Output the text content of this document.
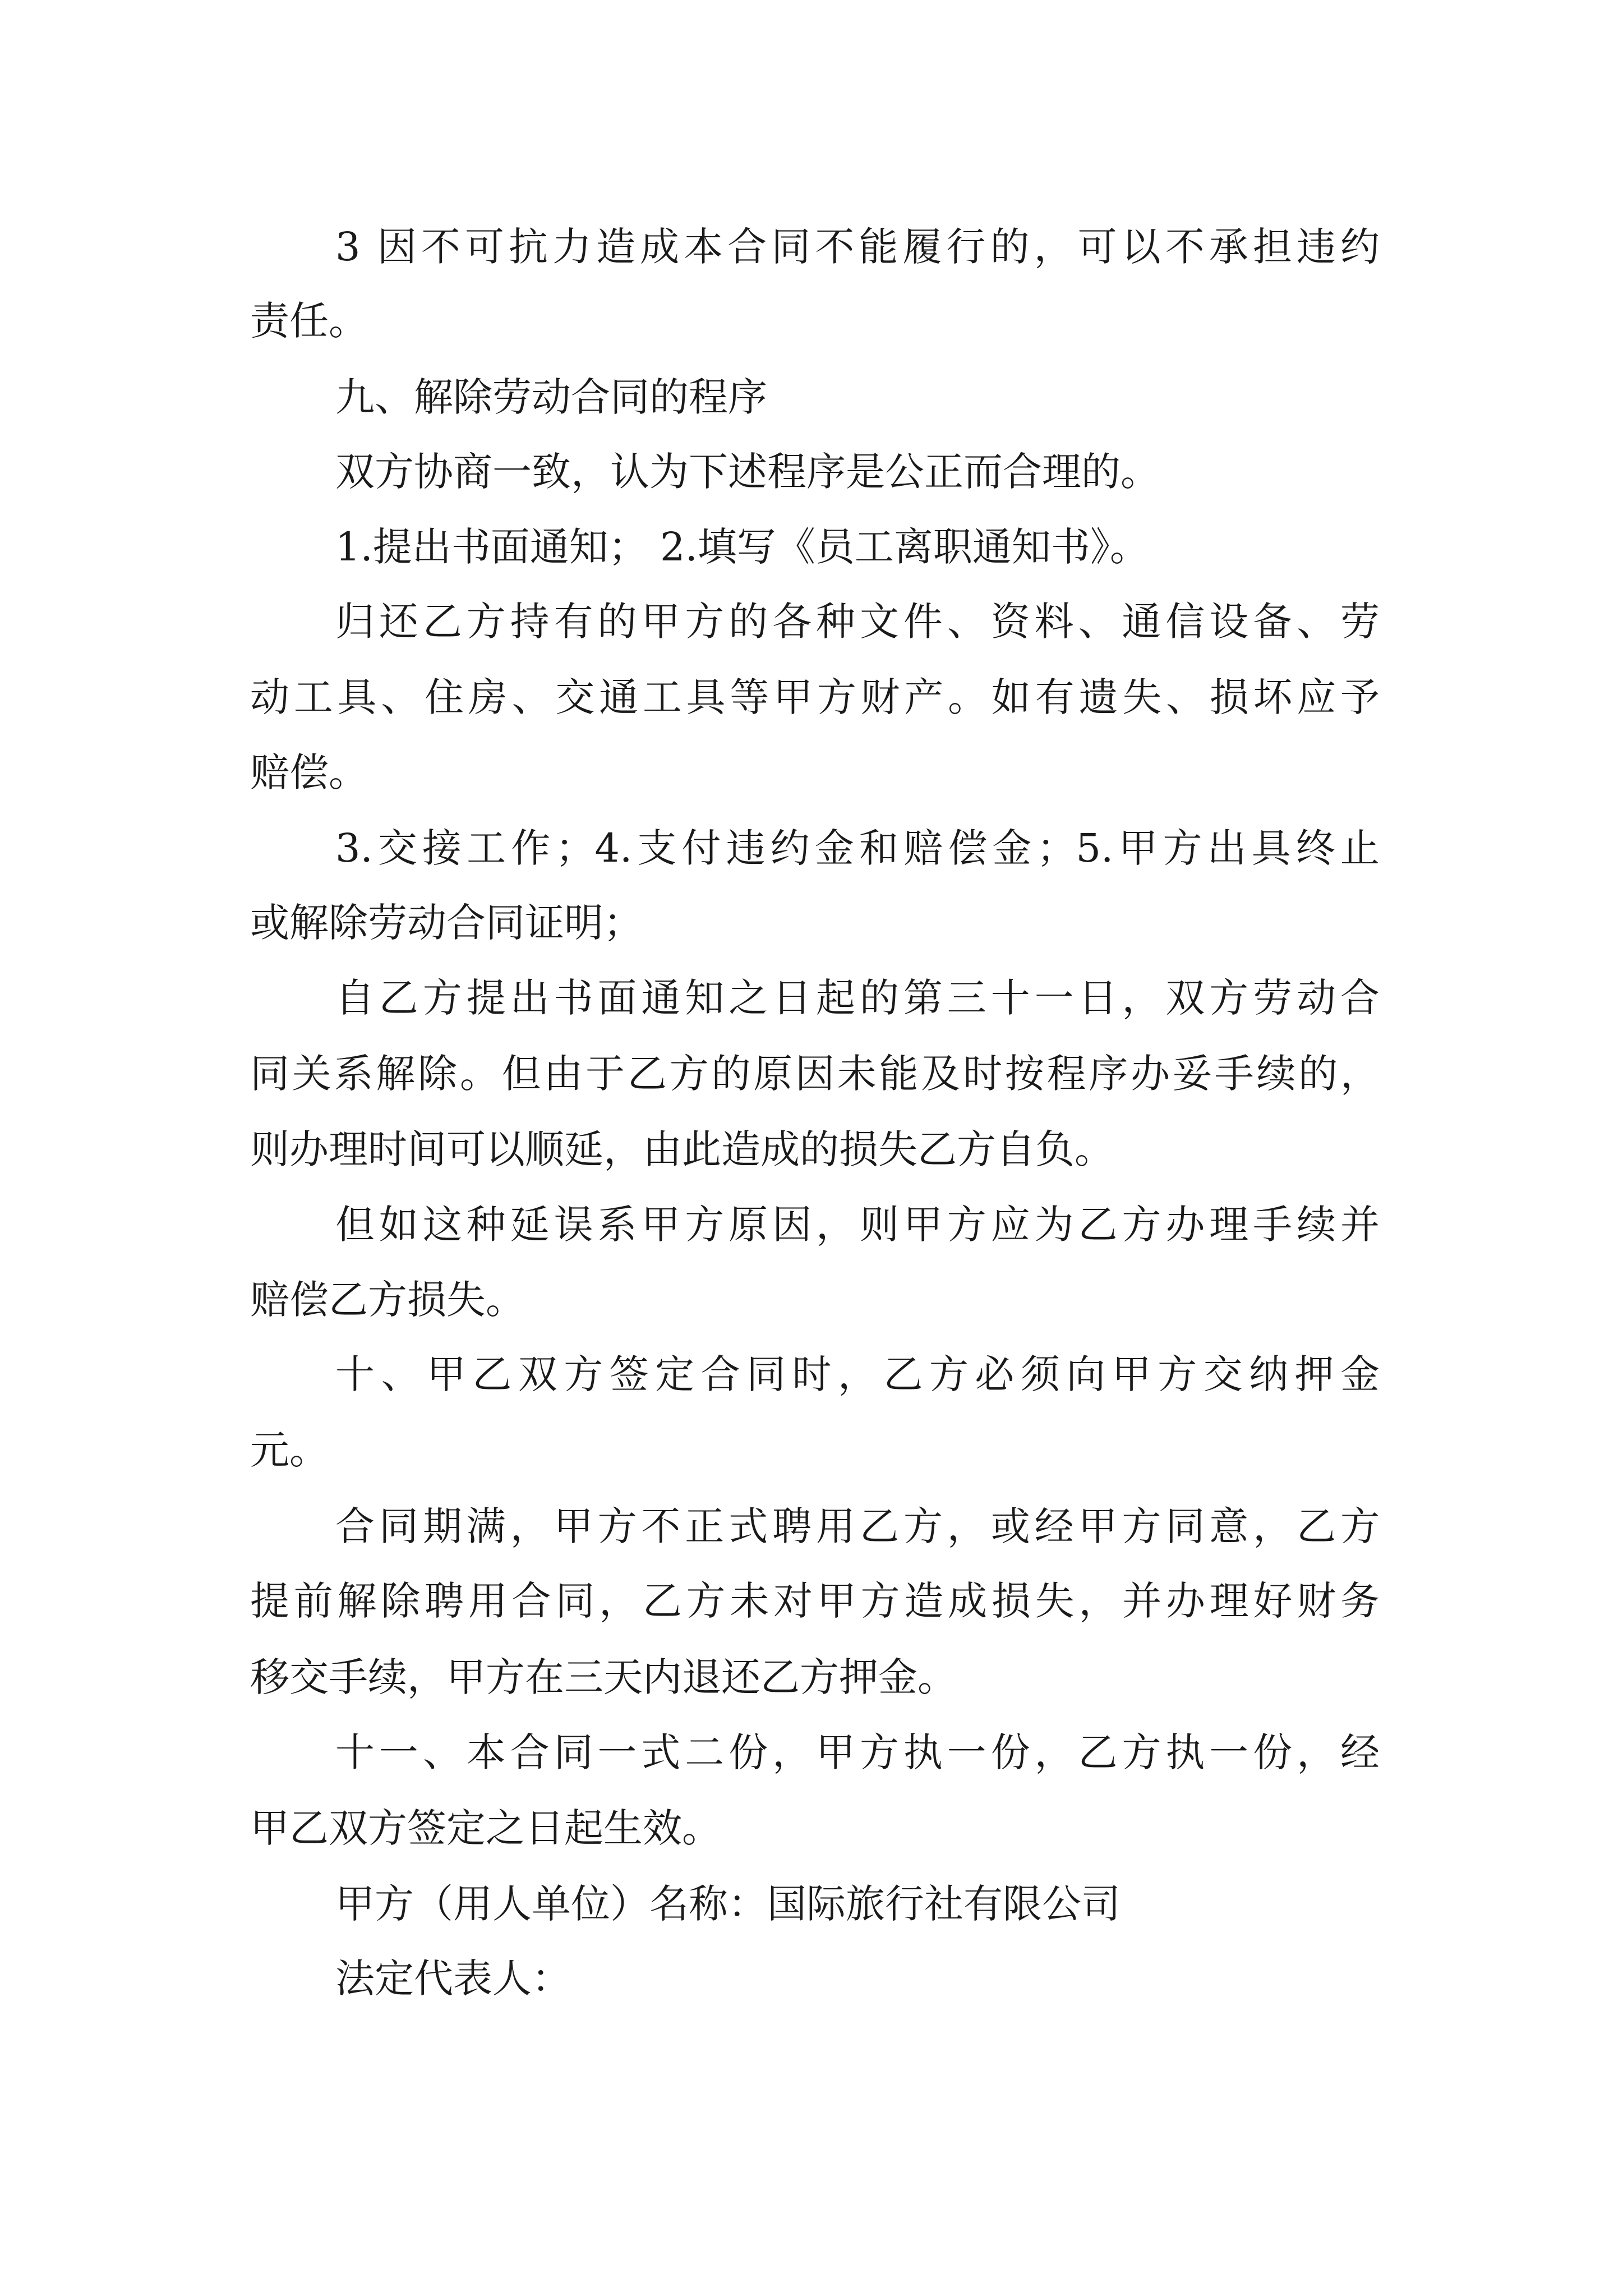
3 因不可抗力造成本合同不能履行的，可以不承担违约

责任。

九、解除劳动合同的程序

双方协商一致，认为下述程序是公正而合理的。

1.提出书面通知； 2.填写《员工离职通知书》。

归还乙方持有的甲方的各种文件、资料、通信设备、劳

动工具、住房、交通工具等甲方财产。如有遗失、损坏应予

赔偿。

3.交接工作；4.支付违约金和赔偿金；5.甲方出具终止

或解除劳动合同证明；

自乙方提出书面通知之日起的第三十一日，双方劳动合

同关系解除。但由于乙方的原因未能及时按程序办妥手续的，

则办理时间可以顺延，由此造成的损失乙方自负。

但如这种延误系甲方原因，则甲方应为乙方办理手续并

赔偿乙方损失。

十、甲乙双方签定合同时，乙方必须向甲方交纳押金

元。

合同期满，甲方不正式聘用乙方，或经甲方同意，乙方

提前解除聘用合同，乙方未对甲方造成损失，并办理好财务

移交手续，甲方在三天内退还乙方押金。

十一、本合同一式二份，甲方执一份，乙方执一份，经

甲乙双方签定之日起生效。

甲方（用人单位）名称：国际旅行社有限公司

法定代表人：
